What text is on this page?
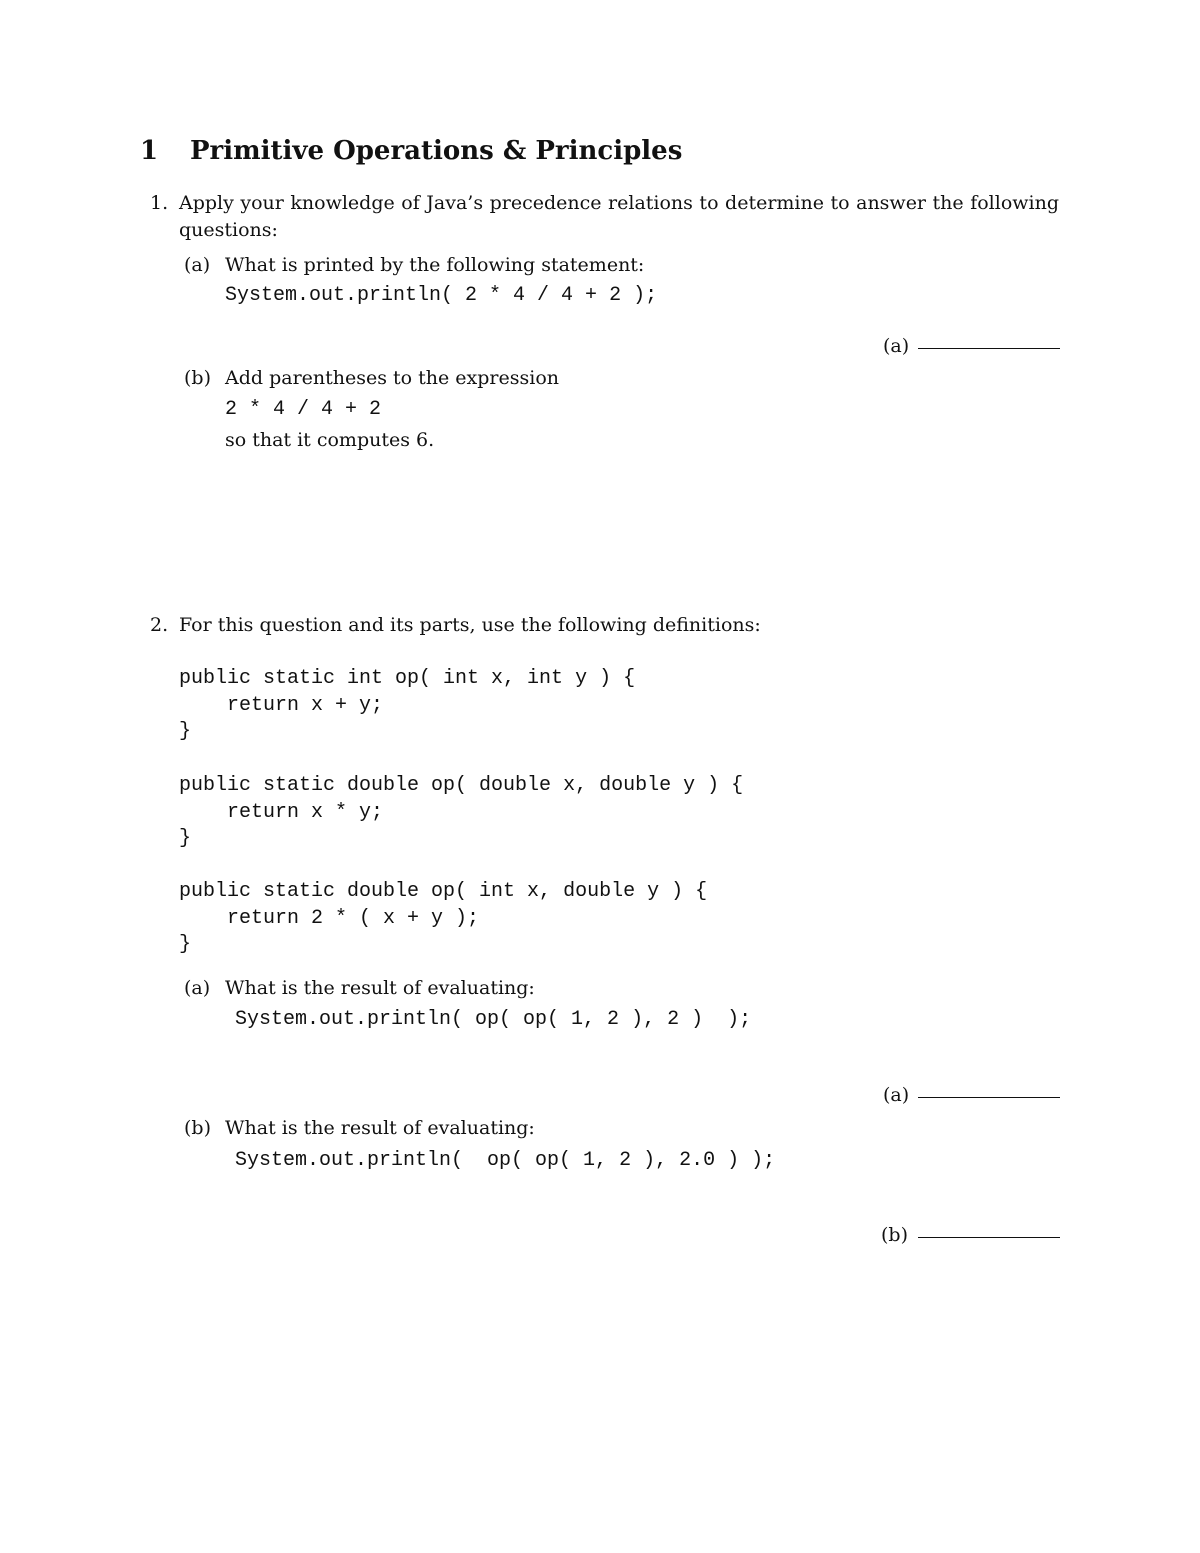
1 Primitive Operations & Principles
1. Apply your knowledge of Java’s precedence relations to determine to answer the following
questions:
(a) What is printed by the following statement:
System.out.println( 2 * 4 / 4 + 2 );
(a)
(b) Add parentheses to the expression
2 * 4 / 4 + 2
so that it computes 6.
2. For this question and its parts, use the following definitions:
public static int op( int x, int y ) {
return x + y;
}
public static double op( double x, double y ) {
return x * y;
}
public static double op( int x, double y ) {
return 2 * ( x + y );
}
(a) What is the result of evaluating:
System.out.println( op( op( 1, 2 ), 2 )  );
(a)
(b) What is the result of evaluating:
System.out.println(  op( op( 1, 2 ), 2.0 ) );
(b)
